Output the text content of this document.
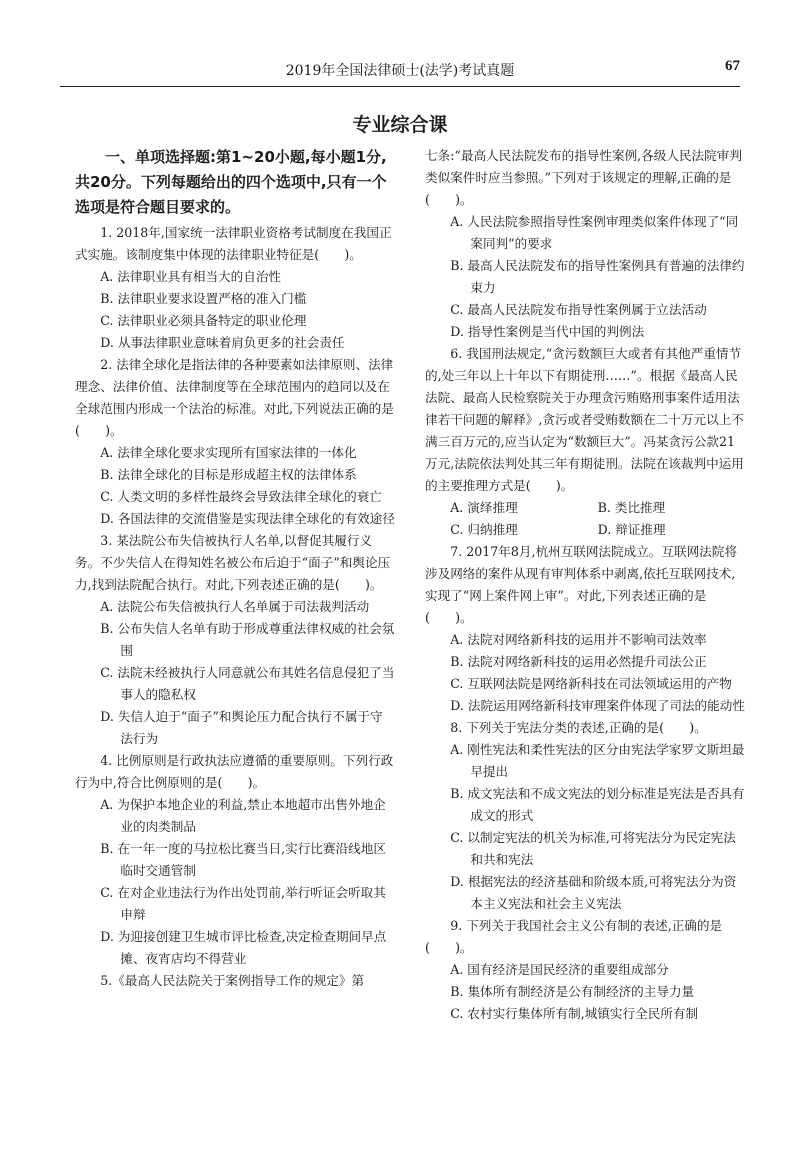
2019年全国法律硕士(法学)考试真题	67
专业综合课
一、单项选择题:第1~20小题,每小题1分,共20分。下列每题给出的四个选项中,只有一个选项是符合题目要求的。
1. 2018年,国家统一法律职业资格考试制度在我国正式实施。该制度集中体现的法律职业特征是(　　)。
A. 法律职业具有相当大的自治性
B. 法律职业要求设置严格的准入门槛
C. 法律职业必须具备特定的职业伦理
D. 从事法律职业意味着肩负更多的社会责任
2. 法律全球化是指法律的各种要素如法律原则、法律理念、法律价值、法律制度等在全球范围内的趋同以及在全球范围内形成一个法治的标准。对此,下列说法正确的是(　　)。
A. 法律全球化要求实现所有国家法律的一体化
B. 法律全球化的目标是形成超主权的法律体系
C. 人类文明的多样性最终会导致法律全球化的衰亡
D. 各国法律的交流借鉴是实现法律全球化的有效途径
3. 某法院公布失信被执行人名单,以督促其履行义务。不少失信人在得知姓名被公布后迫于“面子”和舆论压力,找到法院配合执行。对此,下列表述正确的是(　　)。
A. 法院公布失信被执行人名单属于司法裁判活动
B. 公布失信人名单有助于形成尊重法律权威的社会氛围
C. 法院未经被执行人同意就公布其姓名信息侵犯了当事人的隐私权
D. 失信人迫于“面子”和舆论压力配合执行不属于守法行为
4. 比例原则是行政执法应遵循的重要原则。下列行政行为中,符合比例原则的是(　　)。
A. 为保护本地企业的利益,禁止本地超市出售外地企业的肉类制品
B. 在一年一度的马拉松比赛当日,实行比赛沿线地区临时交通管制
C. 在对企业违法行为作出处罚前,举行听证会听取其申辩
D. 为迎接创建卫生城市评比检查,决定检查期间早点摊、夜宵店均不得营业
5.《最高人民法院关于案例指导工作的规定》第
七条:“最高人民法院发布的指导性案例,各级人民法院审判类似案件时应当参照。”下列对于该规定的理解,正确的是(　　)。
A. 人民法院参照指导性案例审理类似案件体现了“同案同判”的要求
B. 最高人民法院发布的指导性案例具有普遍的法律约束力
C. 最高人民法院发布指导性案例属于立法活动
D. 指导性案例是当代中国的判例法
6. 我国刑法规定,“贪污数额巨大或者有其他严重情节的,处三年以上十年以下有期徒刑……”。根据《最高人民法院、最高人民检察院关于办理贪污贿赂刑事案件适用法律若干问题的解释》,贪污或者受贿数额在二十万元以上不满三百万元的,应当认定为“数额巨大”。冯某贪污公款21万元,法院依法判处其三年有期徒刑。法院在该裁判中运用的主要推理方式是(　　)。
A. 演绎推理	B. 类比推理
C. 归纳推理	D. 辩证推理
7. 2017年8月,杭州互联网法院成立。互联网法院将涉及网络的案件从现有审判体系中剥离,依托互联网技术,实现了“网上案件网上审”。对此,下列表述正确的是(　　)。
A. 法院对网络新科技的运用并不影响司法效率
B. 法院对网络新科技的运用必然提升司法公正
C. 互联网法院是网络新科技在司法领域运用的产物
D. 法院运用网络新科技审理案件体现了司法的能动性
8. 下列关于宪法分类的表述,正确的是(　　)。
A. 刚性宪法和柔性宪法的区分由宪法学家罗文斯坦最早提出
B. 成文宪法和不成文宪法的划分标准是宪法是否具有成文的形式
C. 以制定宪法的机关为标准,可将宪法分为民定宪法和共和宪法
D. 根据宪法的经济基础和阶级本质,可将宪法分为资本主义宪法和社会主义宪法
9. 下列关于我国社会主义公有制的表述,正确的是(　　)。
A. 国有经济是国民经济的重要组成部分
B. 集体所有制经济是公有制经济的主导力量
C. 农村实行集体所有制,城镇实行全民所有制
